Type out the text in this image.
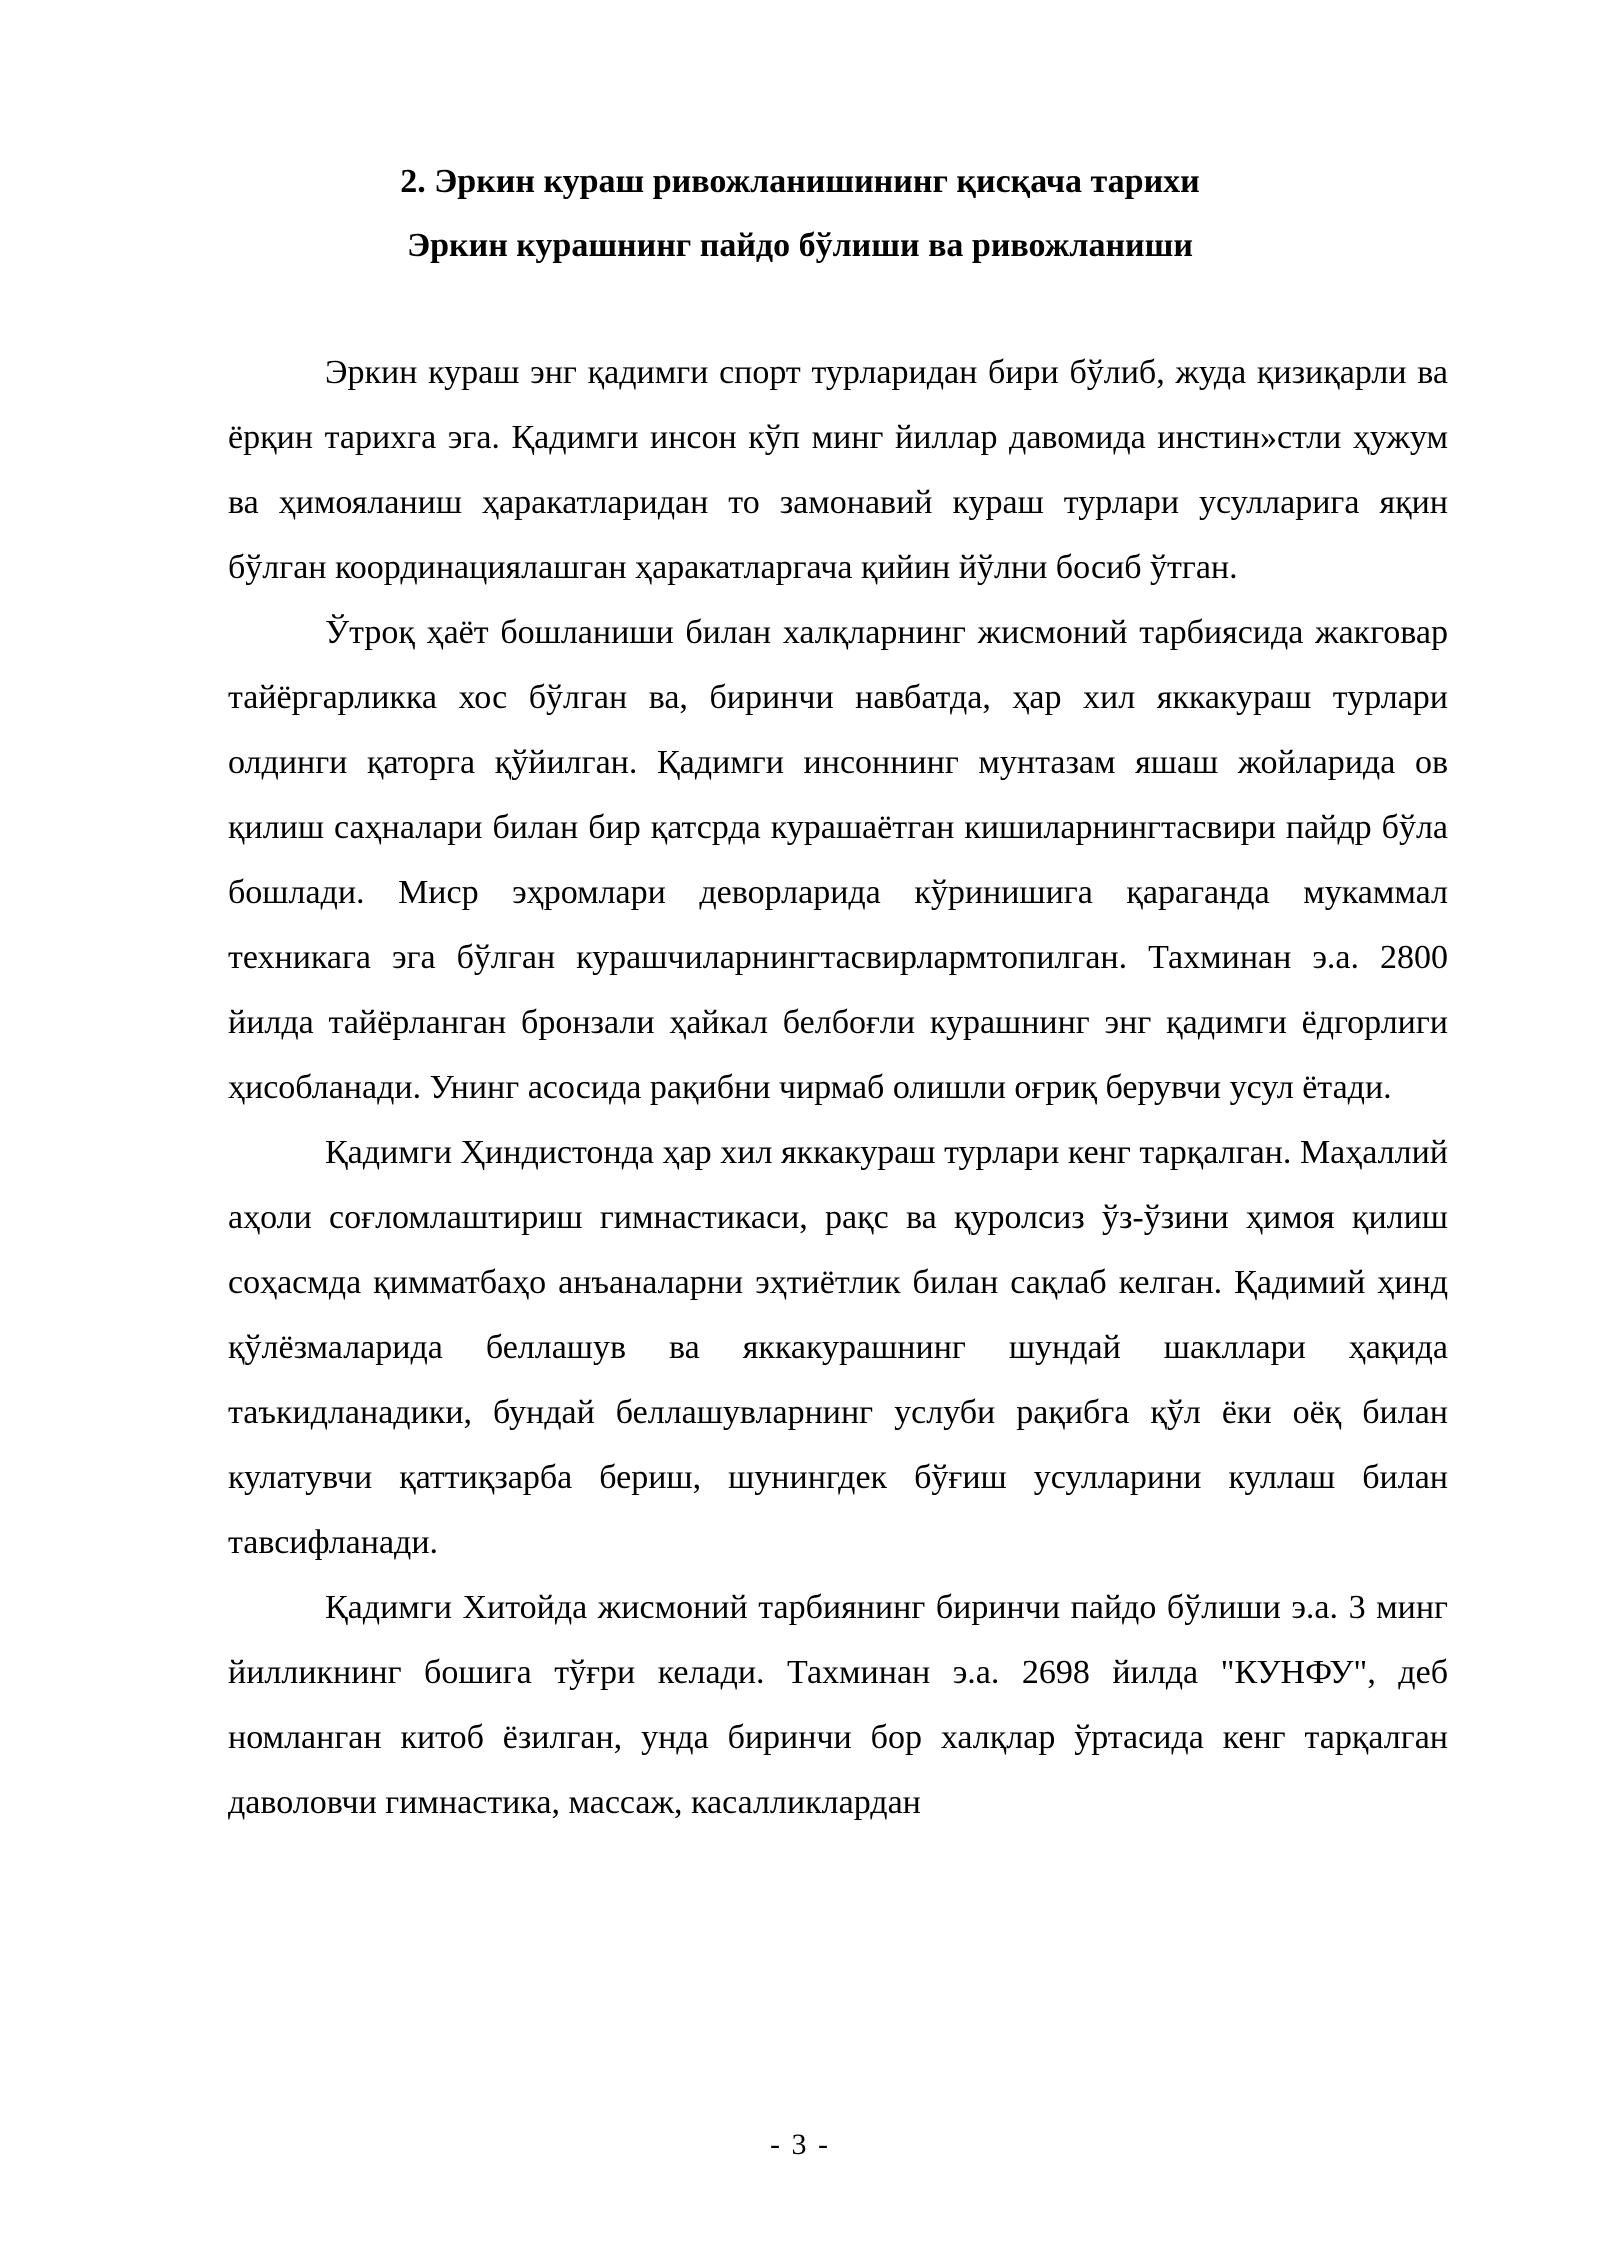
2. Эркин кураш ривожланишининг қисқача тарихи

Эркин курашнинг пайдо бўлиши ва ривожланиши

Эркин кураш энг қадимги спорт турларидан бири бўлиб, жуда қизиқарли ва ёрқин тарихга эга. Қадимги инсон кўп минг йиллар давомида инстин»стли ҳужум ва ҳимояланиш ҳаракатларидан то замонавий кураш турлари усулларига яқин бўлган координациялашган ҳаракатларгача қийин йўлни босиб ўтган.

Ўтроқ ҳаёт бошланиши билан халқларнинг жисмоний тарбиясида жакговар тайёргарликка хос бўлган ва, биринчи навбатда, ҳар хил яккакураш турлари олдинги қаторга қўйилган. Қадимги инсоннинг мунтазам яшаш жойларида ов қилиш саҳналари билан бир қатсрда курашаётган кишиларнингтасвири пайдр бўла бошлади. Миср эҳромлари деворларида кўринишига қараганда мукаммал техникага эга бўлган курашчиларнингтасвирлармтопилган. Тахминан э.а. 2800 йилда тайёрланган бронзали ҳайкал белбоғли курашнинг энг қадимги ёдгорлиги ҳисобланади. Унинг асосида рақибни чирмаб олишли оғриқ берувчи усул ётади.

Қадимги Ҳиндистонда ҳар хил яккакураш турлари кенг тарқалган. Маҳаллий аҳоли соғломлаштириш гимнастикаси, рақс ва қуролсиз ўз-ўзини ҳимоя қилиш соҳасмда қимматбаҳо анъаналарни эҳтиётлик билан сақлаб келган. Қадимий ҳинд қўлёзмаларида беллашув ва яккакурашнинг шундай шакллари ҳақида таъкидланадики, бундай беллашувларнинг услуби рақибга қўл ёки оёқ билан кулатувчи қаттиқзарба бериш, шунингдек бўғиш усулларини куллаш билан тавсифланади.

Қадимги Хитойда жисмоний тарбиянинг биринчи пайдо бўлиши э.а. 3 минг йилликнинг бошига тўғри келади. Тахминан э.а. 2698 йилда "КУНФУ", деб номланган китоб ёзилган, унда биринчи бор халқлар ўртасида кенг тарқалган даволовчи гимнастика, массаж, касалликлардан

- 3 -
